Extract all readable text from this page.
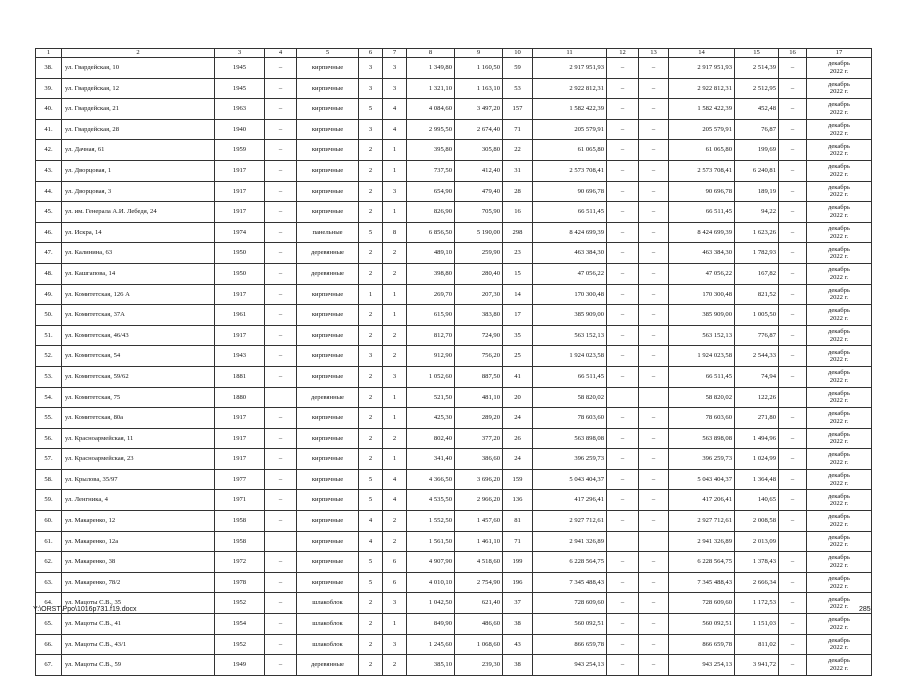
1	2	3	4	5	6	7	8	9	10	11	12	13	14	15	16	17
38.	ул. Гвардейская, 10	1945	–	кирпичные	3	3	1 349,80	1 160,50	59	2 917 951,93	–	–	2 917 951,93	2 514,39	–	декабрь
2022 г.

39.	ул. Гвардейская, 12	1945	–	кирпичные	3	3	1 321,10	1 163,10	53	2 922 812,31	–	–	2 922 812,31	2 512,95	–	декабрь
2022 г.

40.	ул. Гвардейская, 21	1963	–	кирпичные	5	4	4 084,60	3 497,20	157	1 582 422,39	–	–	1 582 422,39	452,48	–	декабрь
2022 г.

41.	ул. Гвардейская, 28	1940	–	кирпичные	3	4	2 995,50	2 674,40	71	205 579,91	–	–	205 579,91	76,87	–	декабрь
2022 г.

42.	ул. Дачная, 61	1959	–	кирпичные	2	1	395,80	305,80	22	61 065,80	–	–	61 065,80	199,69	–	декабрь
2022 г.

43.	ул. Дворцовая, 1	1917	–	кирпичные	2	1	737,50	412,40	31	2 573 708,41	–	–	2 573 708,41	6 240,81	–	декабрь
2022 г.

44.	ул. Дворцовая, 3	1917	–	кирпичные	2	3	654,90	479,40	28	90 696,78	–	–	90 696,78	189,19	–	декабрь
2022 г.

45.	ул. им. Генерала А.И. Лебедя, 24	1917	–	кирпичные	2	1	826,90	705,90	16	66 511,45	–	–	66 511,45	94,22	–	декабрь
2022 г.

46.	ул. Искра, 14	1974	–	панельные	5	8	6 856,50	5 190,00	298	8 424 699,39	–	–	8 424 699,39	1 623,26	–	декабрь
2022 г.

47.	ул. Калинина, 63	1950	–	деревянные	2	2	489,10	259,90	23	463 384,30	–	–	463 384,30	1 782,93	–	декабрь
2022 г.

48.	ул. Кашгапова, 14	1950	–	деревянные	2	2	398,80	280,40	15	47 056,22	–	–	47 056,22	167,82	–	декабрь
2022 г.

49.	ул. Комитетская, 126 А	1917	–	кирпичные	1	1	269,70	207,30	14	170 300,48	–	–	170 300,48	821,52	–	декабрь
2022 г.

50.	ул. Комитетская, 37А	1961	–	кирпичные	2	1	615,90	383,80	17	385 909,00	–	–	385 909,00	1 005,50	–	декабрь
2022 г.

51.	ул. Комитетская, 46/43	1917	–	кирпичные	2	2	812,70	724,90	35	563 152,13	–	–	563 152,13	776,87	–	декабрь
2022 г.

52.	ул. Комитетская, 54	1943	–	кирпичные	3	2	912,90	756,20	25	1 924 023,58	–	–	1 924 023,58	2 544,33	–	декабрь
2022 г.

53.	ул. Комитетская, 59/62	1881	–	кирпичные	2	3	1 052,60	887,50	41	66 511,45	–	–	66 511,45	74,94	–	декабрь
2022 г.

54.	ул. Комитетская, 75	1880		деревянные	2	1	521,50	481,10	20	58 820,02			58 820,02	122,26		декабрь
2022 г.

55.	ул. Комитетская, 80а	1917	–	кирпичные	2	1	425,30	289,20	24	78 603,60	–	–	78 603,60	271,80	–	декабрь
2022 г.

56.	ул. Красноармейская, 11	1917	–	кирпичные	2	2	802,40	377,20	26	563 898,08	–	–	563 898,08	1 494,96	–	декабрь
2022 г.

57.	ул. Красноармейская, 23	1917	–	кирпичные	2	1	341,40	386,60	24	396 259,73	–	–	396 259,73	1 024,99	–	декабрь
2022 г.

58.	ул. Крылова, 35/97	1977	–	кирпичные	5	4	4 366,50	3 696,20	159	5 043 404,37	–	–	5 043 404,37	1 364,48	–	декабрь
2022 г.

59.	ул. Ленгника, 4	1971	–	кирпичные	5	4	4 535,50	2 966,20	136	417 296,41	–	–	417 206,41	140,65	–	декабрь
2022 г.

60.	ул. Макаренко, 12	1958	–	кирпичные	4	2	1 552,50	1 457,60	81	2 927 712,61	–	–	2 927 712,61	2 008,58	–	декабрь
2022 г.

61.	ул. Макаренко, 12а	1958		кирпичные	4	2	1 561,50	1 461,10	71	2 941 326,89			2 941 326,89	2 013,09		декабрь
2022 г.

62.	ул. Макаренко, 38	1972	–	кирпичные	5	6	4 907,90	4 518,60	199	6 228 564,75	–	–	6 228 564,75	1 378,43	–	декабрь
2022 г.

63.	ул. Макаренко, 78/2	1978	–	кирпичные	5	6	4 010,10	2 754,90	196	7 345 488,43	–	–	7 345 488,43	2 666,34	–	декабрь
2022 г.

64.	ул. Мацоты С.В., 35	1952	–	шлакоблок	2	3	1 042,50	621,40	37	728 609,60	–	–	728 609,60	1 172,53	–	декабрь
2022 г.

65.	ул. Мацоты С.В., 41	1954	–	шлакоблок	2	1	849,90	486,60	38	560 092,51	–	–	560 092,51	1 151,03	–	декабрь
2022 г.

66.	ул. Мацоты С.В., 43/1	1952	–	шлакоблок	2	3	1 245,60	1 068,60	43	866 659,78	–	–	866 659,78	811,02	–	декабрь
2022 г.

67.	ул. Мацоты С.В., 59	1949	–	деревянные	2	2	385,10	239,30	38	943 254,13	–	–	943 254,13	3 941,72	–	декабрь
2022 г.
Y:\ORST\Ppo\1016p731.f19.docx	285
